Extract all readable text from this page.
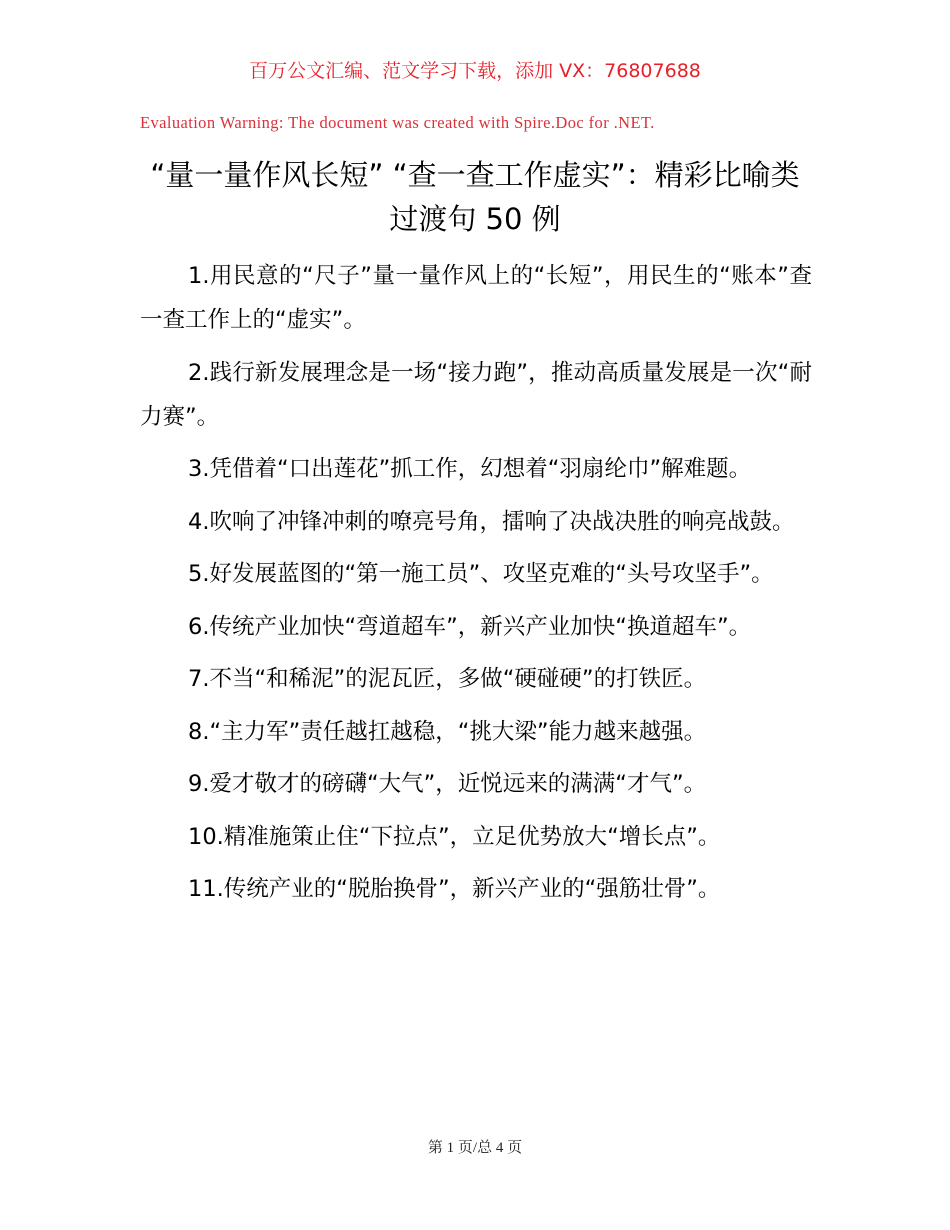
百万公文汇编、范文学习下载，添加 VX：76807688
Evaluation Warning: The document was created with Spire.Doc for .NET.
“量一量作风长短” “查一查工作虚实”：精彩比喻类过渡句 50 例

1.用民意的“尺子”量一量作风上的“长短”，用民生的“账本”查一查工作上的“虚实”。

2.践行新发展理念是一场“接力跑”，推动高质量发展是一次“耐力赛”。

3.凭借着“口出莲花”抓工作，幻想着“羽扇纶巾”解难题。

4.吹响了冲锋冲刺的嘹亮号角，擂响了决战决胜的响亮战鼓。

5.好发展蓝图的“第一施工员”、攻坚克难的“头号攻坚手”。

6.传统产业加快“弯道超车”，新兴产业加快“换道超车”。

7.不当“和稀泥”的泥瓦匠，多做“硬碰硬”的打铁匠。

8.“主力军”责任越扛越稳，“挑大梁”能力越来越强。

9.爱才敬才的磅礴“大气”，近悦远来的满满“才气”。

10.精准施策止住“下拉点”，立足优势放大“增长点”。

11.传统产业的“脱胎换骨”，新兴产业的“强筋壮骨”。

第 1 页/总 4 页
